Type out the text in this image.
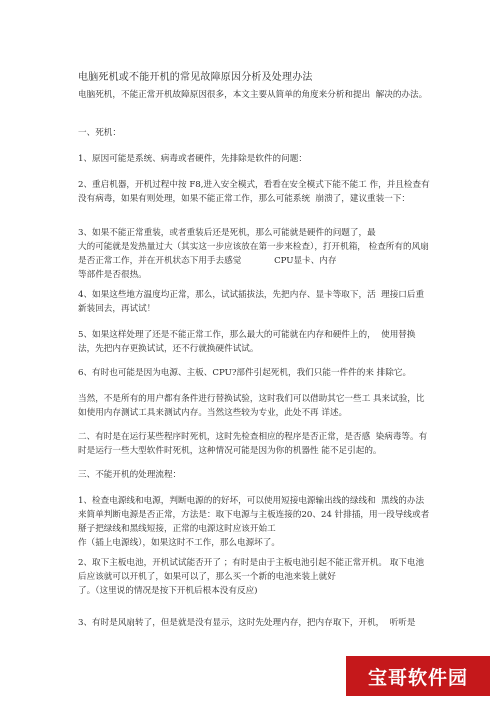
电脑死机或不能开机的常见故障原因分析及处理办法
电脑死机，不能正常开机故障原因很多，本文主要从简单的角度来分析和提出  解决的办法。
一、死机：
1、原因可能是系统、病毒或者硬件，先排除是软件的问题：
2、重启机器，开机过程中按 F8,进入安全模式，看看在安全模式下能不能工 作，并且检查有没有病毒，如果有则处理，如果不能正常工作，那么可能系统  崩溃了，建议重装一下：
3、如果不能正常重装，或者重装后还是死机，那么可能就是硬件的问题了，最
大的可能就是发热量过大（其实这一步应该放在第一步来检查），打开机箱， 检查所有的风扇是否正常工作，并在开机状态下用手去感觉            CPU显卡、内存
等部件是否很热。
4、如果这些地方温度均正常，那么，试试插拔法，先把内存、显卡等取下，活  理接口后重新装回去，再试试！
5、如果这样处理了还是不能正常工作，那么最大的可能就在内存和硬件上的，  使用替换法，先把内存更换试试，还不行就换硬件试试。
6、有时也可能是因为电源、主板、CPU?部件引起死机，我们只能一件件的来 排除它。
当然，不是所有的用户都有条件进行替换试验，这时我们可以借助其它一些工 具来试验，比如使用内存测试工具来测试内存。当然这些较为专业，此处不再 详述。
二、有时是在运行某些程序时死机，这时先检查相应的程序是否正常，是否感  染病毒等。有时是运行一些大型软件时死机，这种情况可能是因为你的机器性 能不足引起的。
三、不能开机的处理流程：
1、检查电源线和电源，判断电源的的好坏，可以使用短接电源输出线的绿线和  黑线的办法来简单判断电源是否正常，方法是：取下电源与主板连接的20、24 针排插，用一段导线或者掰子把绿线和黑线短接，正常的电源这时应该开始工
作（插上电源线），如果这时不工作，那么电源坏了。
2、取下主板电池，开机试试能否开了 ；有时是由于主板电池引起不能正常开机。 取下电池后应该就可以开机了，如果可以了，那么买一个新的电池来装上就好
了。（这里说的情况是按下开机后根本没有反应)
3、有时是风扇转了，但是就是没有显示，这时先处理内存，把内存取下，开机，  听听是
宝哥软件园
